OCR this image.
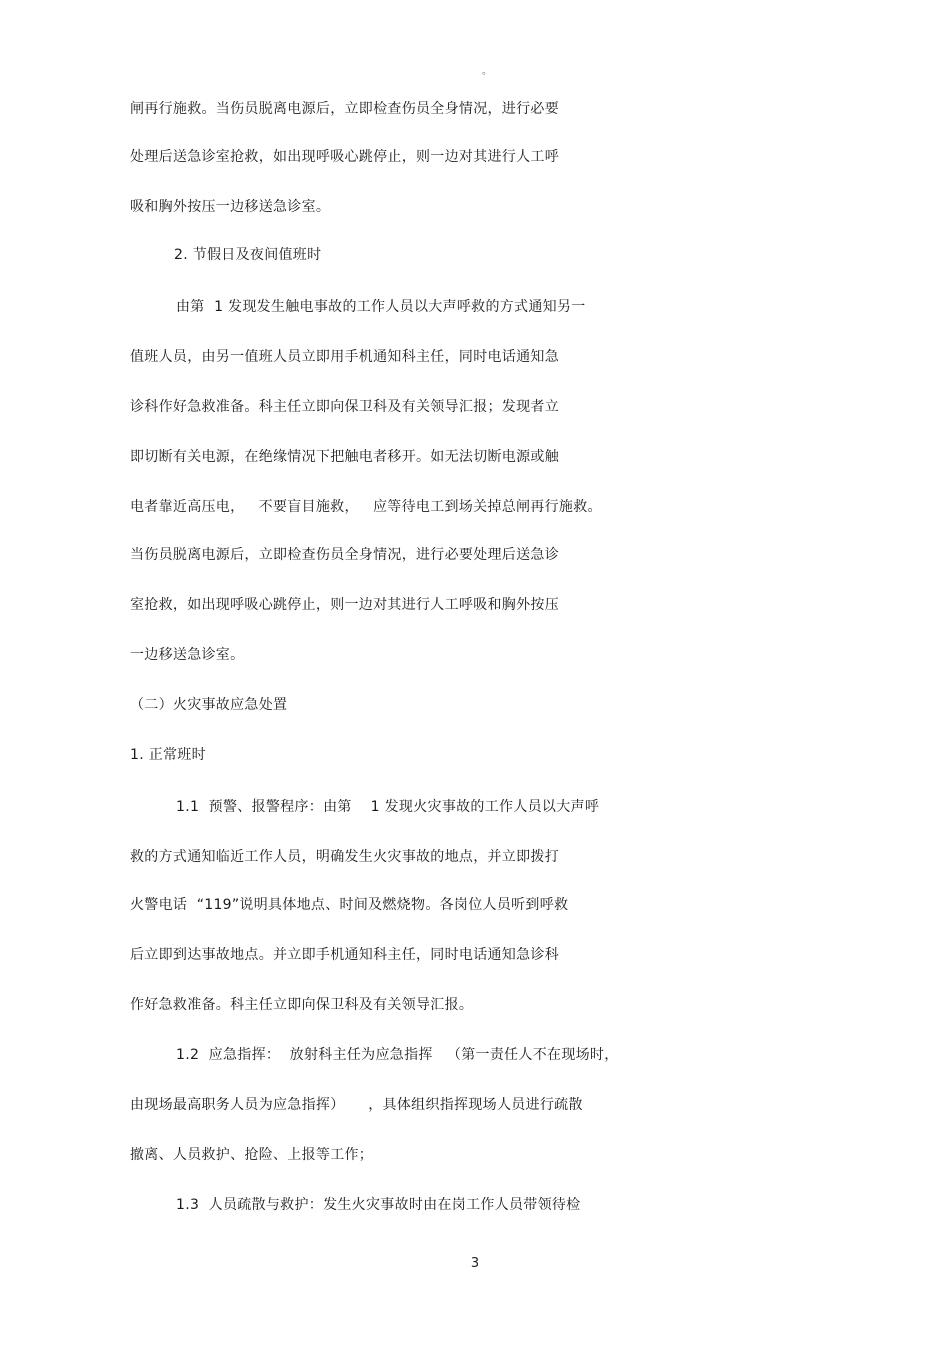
。
闸再行施救。当伤员脱离电源后，立即检查伤员全身情况，进行必要
处理后送急诊室抢救，如出现呼吸心跳停止，则一边对其进行人工呼
吸和胸外按压一边移送急诊室。
2. 节假日及夜间值班时
由第  1 发现发生触电事故的工作人员以大声呼救的方式通知另一
值班人员，由另一值班人员立即用手机通知科主任，同时电话通知急
诊科作好急救准备。科主任立即向保卫科及有关领导汇报；发现者立
即切断有关电源，在绝缘情况下把触电者移开。如无法切断电源或触
电者靠近高压电，   不要盲目施救，   应等待电工到场关掉总闸再行施救。
当伤员脱离电源后，立即检查伤员全身情况，进行必要处理后送急诊
室抢救，如出现呼吸心跳停止，则一边对其进行人工呼吸和胸外按压
一边移送急诊室。
（二）火灾事故应急处置
1. 正常班时
1.1  预警、报警程序：由第    1 发现火灾事故的工作人员以大声呼
救的方式通知临近工作人员，明确发生火灾事故的地点，并立即拨打
火警电话  “119”说明具体地点、时间及燃烧物。各岗位人员听到呼救
后立即到达事故地点。并立即手机通知科主任，同时电话通知急诊科
作好急救准备。科主任立即向保卫科及有关领导汇报。
1.2  应急指挥：  放射科主任为应急指挥   （第一责任人不在现场时，
由现场最高职务人员为应急指挥）     ，具体组织指挥现场人员进行疏散
撤离、人员救护、抢险、上报等工作；
1.3  人员疏散与救护：发生火灾事故时由在岗工作人员带领待检
3
